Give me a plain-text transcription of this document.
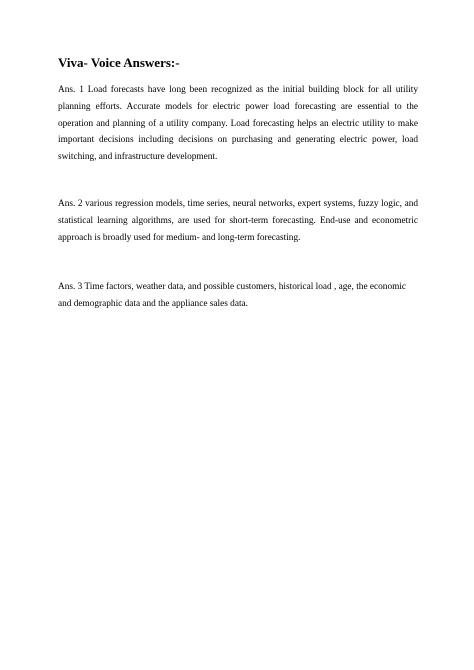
Viva- Voice Answers:-

Ans. 1 Load forecasts have long been recognized as the initial building block for all utility planning efforts. Accurate models for electric power load forecasting are essential to the operation and planning of a utility company. Load forecasting helps an electric utility to make important decisions including decisions on purchasing and generating electric power, load switching, and infrastructure development.

Ans. 2 various regression models, time series, neural networks, expert systems, fuzzy logic, and statistical learning algorithms, are used for short-term forecasting. End-use and econometric approach is broadly used for medium- and long-term forecasting.

Ans. 3 Time factors, weather data, and possible customers, historical load , age, the economic and demographic data and the appliance sales data.
